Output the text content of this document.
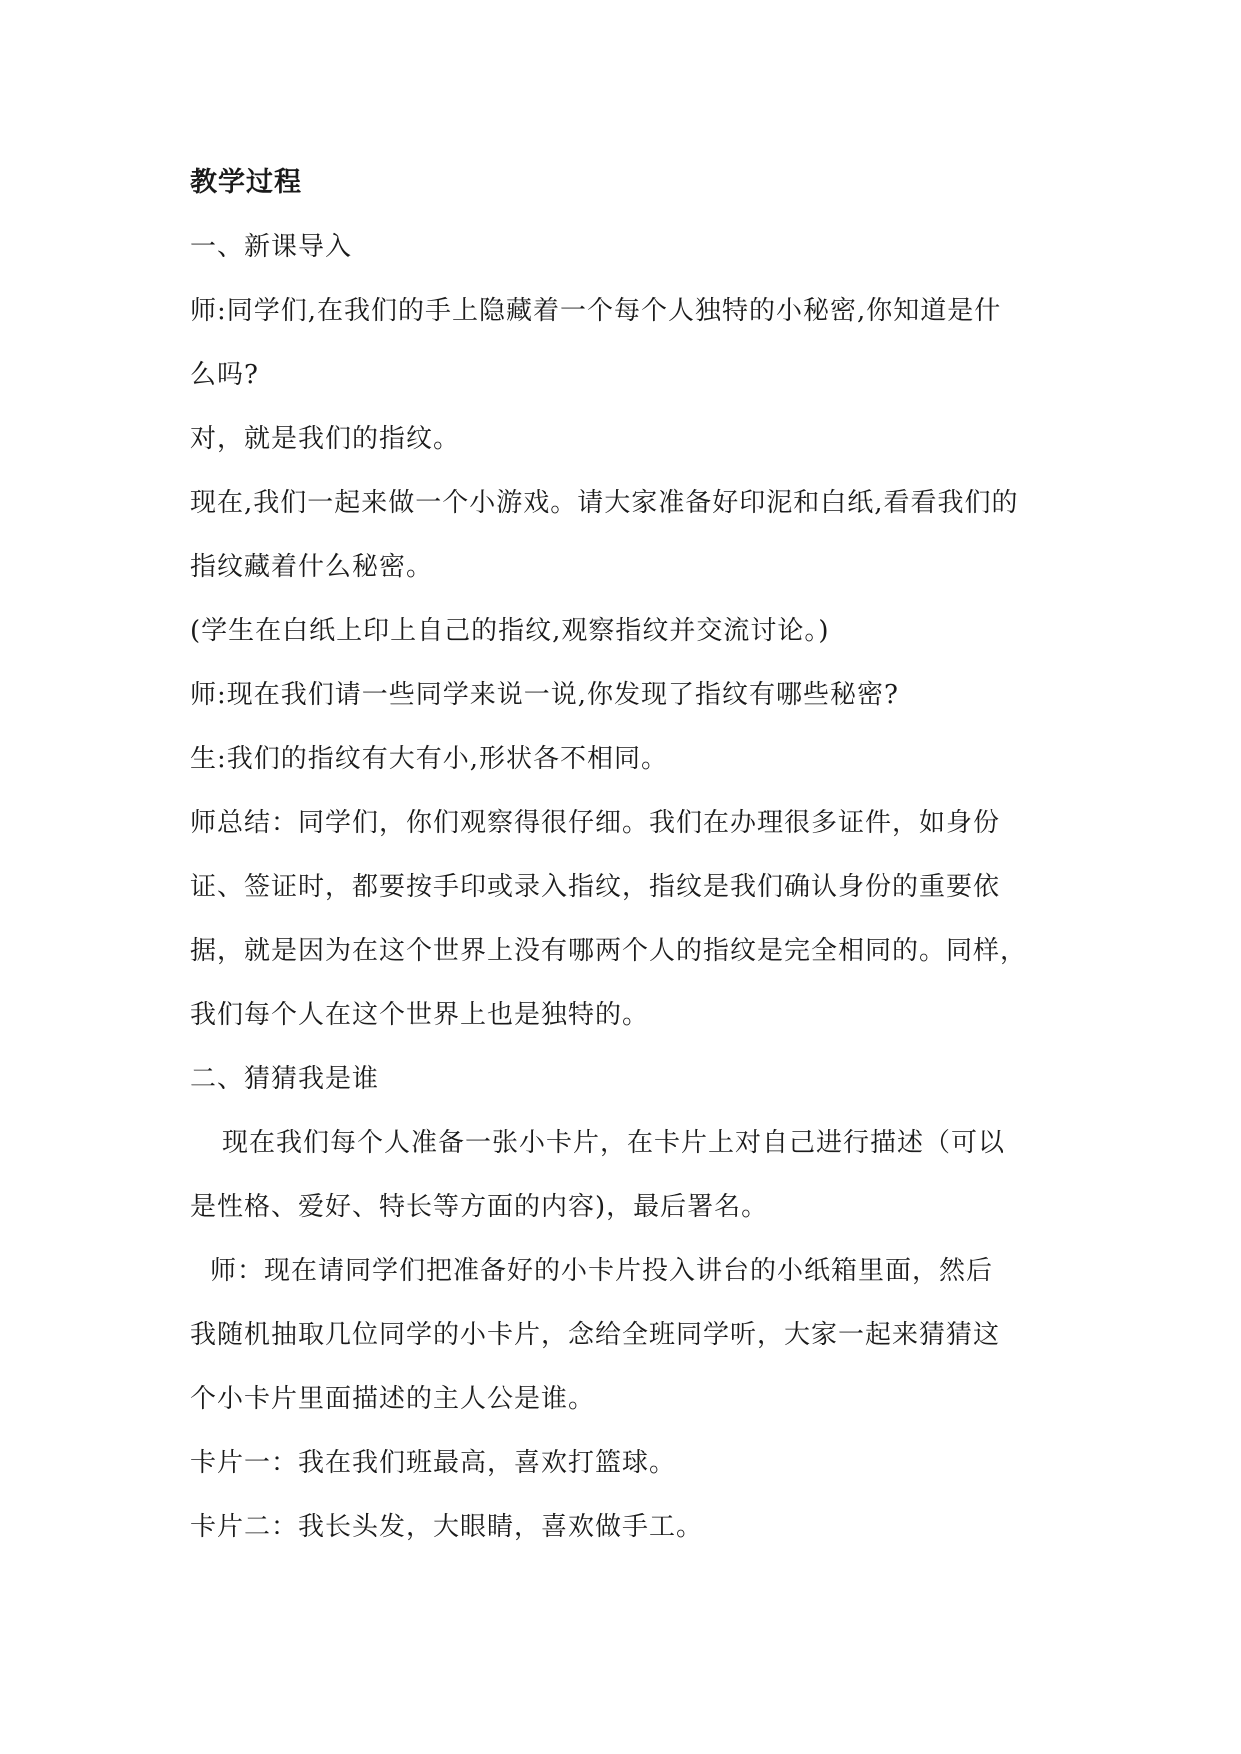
教学过程
一、新课导入
师:同学们,在我们的手上隐藏着一个每个人独特的小秘密,你知道是什
么吗?
对，就是我们的指纹。
现在,我们一起来做一个小游戏。请大家准备好印泥和白纸,看看我们的
指纹藏着什么秘密。
(学生在白纸上印上自己的指纹,观察指纹并交流讨论。)
师:现在我们请一些同学来说一说,你发现了指纹有哪些秘密?
生:我们的指纹有大有小,形状各不相同。
师总结：同学们，你们观察得很仔细。我们在办理很多证件，如身份
证、签证时，都要按手印或录入指纹，指纹是我们确认身份的重要依
据，就是因为在这个世界上没有哪两个人的指纹是完全相同的。同样，
我们每个人在这个世界上也是独特的。
二、猜猜我是谁
现在我们每个人准备一张小卡片，在卡片上对自己进行描述（可以
是性格、爱好、特长等方面的内容)，最后署名。
师：现在请同学们把准备好的小卡片投入讲台的小纸箱里面，然后
我随机抽取几位同学的小卡片，念给全班同学听，大家一起来猜猜这
个小卡片里面描述的主人公是谁。
卡片一：我在我们班最高，喜欢打篮球。
卡片二：我长头发，大眼睛，喜欢做手工。
